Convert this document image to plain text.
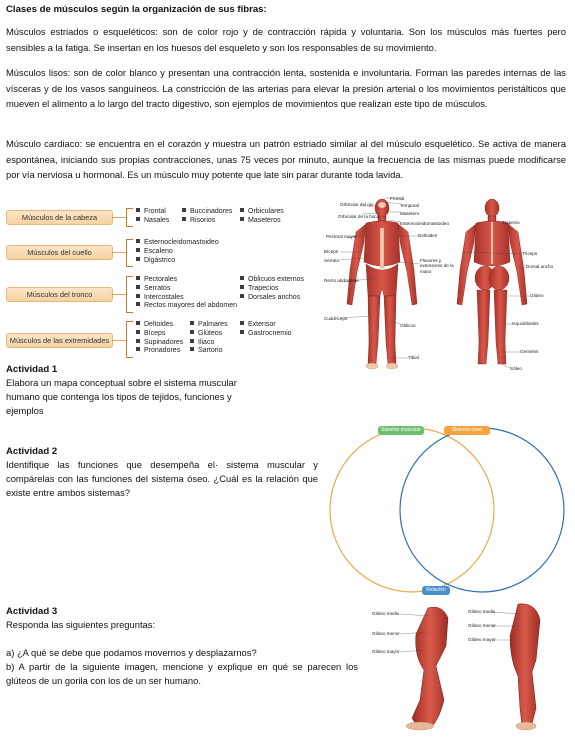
Clases de músculos según la organización de sus fibras:
Músculos estriados o esqueléticos: son de color rojo y de contracción rápida y voluntaria. Son los músculos más fuertes pero sensibles a la fatiga. Se insertan en los huesos del esqueleto y son los responsables de su movimiento.
Músculos lisos: son de color blanco y presentan una contracción lenta, sostenida e involuntaria. Forman las paredes internas de las vísceras y de los vasos sanguíneos. La constricción de las arterias para elevar la presión arterial o los movimientos peristálticos que mueven el alimento a lo largo del tracto digestivo, son ejemplos de movimientos que realizan este tipo de músculos.
Músculo cardiaco: se encuentra en el corazón y muestra un patrón estriado similar al del músculo esquelético. Se activa de manera espontánea, iniciando sus propias contracciones, unas 75 veces por minuto, aunque la frecuencia de las mismas puede modificarse por vía nerviosa u hormonal. Es un músculo muy potente que late sin parar durante toda lavida.
Músculos de la cabeza
Frontal
Nasales
Buccinadores
Risorios
Orbiculares
Maseteros
Músculos del cuello
Esternocleidomastoideo
Escaleno
Digástrico
Músculos del tronco
Pectorales
Serratos
Intercostales
Rectos mayores del abdomen
Oblicuos externos
Trapecios
Dorsales anchos
Músculos de las extremidades
Deltoides
Bíceps
Supinadores
Pronadores
Palmares
Glúteos
Iliaco
Sartorio
Extensor
Gastrocnemio
Frontal
Temporal
Orbicular del ojo
Orbicular de la boca
Masetero
Esternocleidomastoideo
Pectoral mayor	Deltoides
Trapecio
Bíceps
Serrato
Tríceps
Flexores y extensores de la mano
Dorsal ancho
Recto abdominal
Glúteo
Cuádriceps
Oblicuo	Isquiotibiales
Tibial
Gemelos
Sóleo
Actividad 1
Elabora un mapa conceptual sobre el sistema muscular humano que contenga los tipos de tejidos, funciones y ejemplos
Actividad 2
Identifique las funciones que desempeña el· sistema muscular y compárelas con las funciones del sistema óseo. ¿Cuál es la relación que existe entre ambos sistemas?
Sistema muscular	Sistema óseo
Relación
Actividad 3
Responda las siguientes preguntas:
a) ¿A qué se debe que podamos movernos y desplazarnos?
b) A partir de la siguiente imagen, mencione y explique en qué se parecen los glúteos de un gorila con los de un ser humano.
Glúteo medio
Glúteo menor
Glúteo mayor
Glúteo medio
Glúteo menor
Glúteo mayor
